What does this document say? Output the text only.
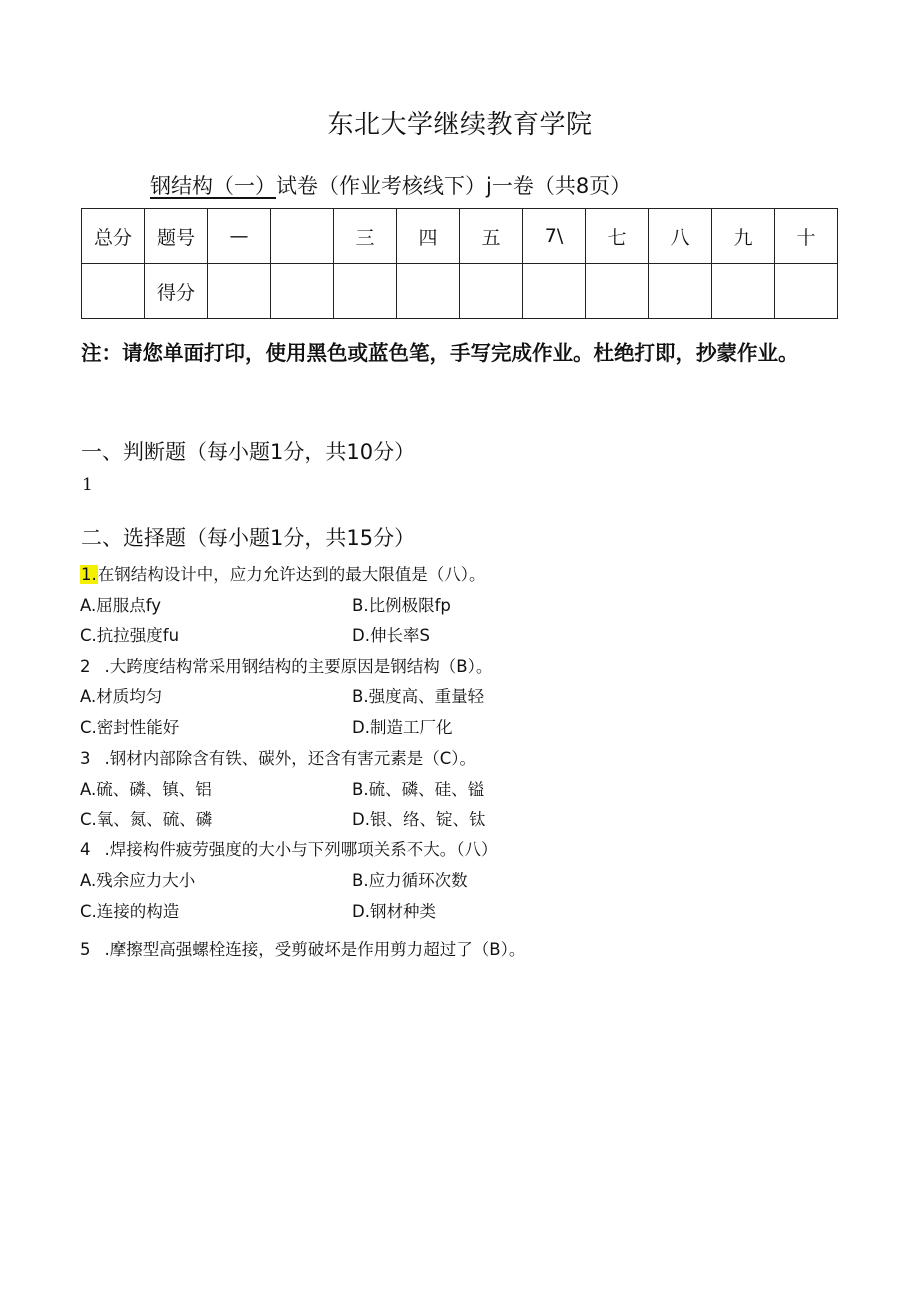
东北大学继续教育学院
钢结构（一）试卷（作业考核线下）j一卷（共8页）
总分	题号	—		三	四	五	7\	七	八	九	十
	得分										
注：请您单面打印，使用黑色或蓝色笔，手写完成作业。杜绝打即，抄蒙作业。
一、判断题（每小题1分，共10分）
1
二、选择题（每小题1分，共15分）
1.在钢结构设计中，应力允许达到的最大限值是（八）。
A.屈服点fy	B.比例极限fp
C.抗拉强度fu	D.伸长率S
2 .大跨度结构常采用钢结构的主要原因是钢结构（B）。
A.材质均匀	B.强度高、重量轻
C.密封性能好	D.制造工厂化
3 .钢材内部除含有铁、碳外，还含有害元素是（C）。
A.硫、磷、镇、铝	B.硫、磷、硅、镒
C.氧、氮、硫、磷	D.银、络、锭、钛
4 .焊接构件疲劳强度的大小与下列哪项关系不大。（八）
A.残余应力大小	B.应力循环次数
C.连接的构造	D.钢材种类
5 .摩擦型高强螺栓连接，受剪破坏是作用剪力超过了（B）。
